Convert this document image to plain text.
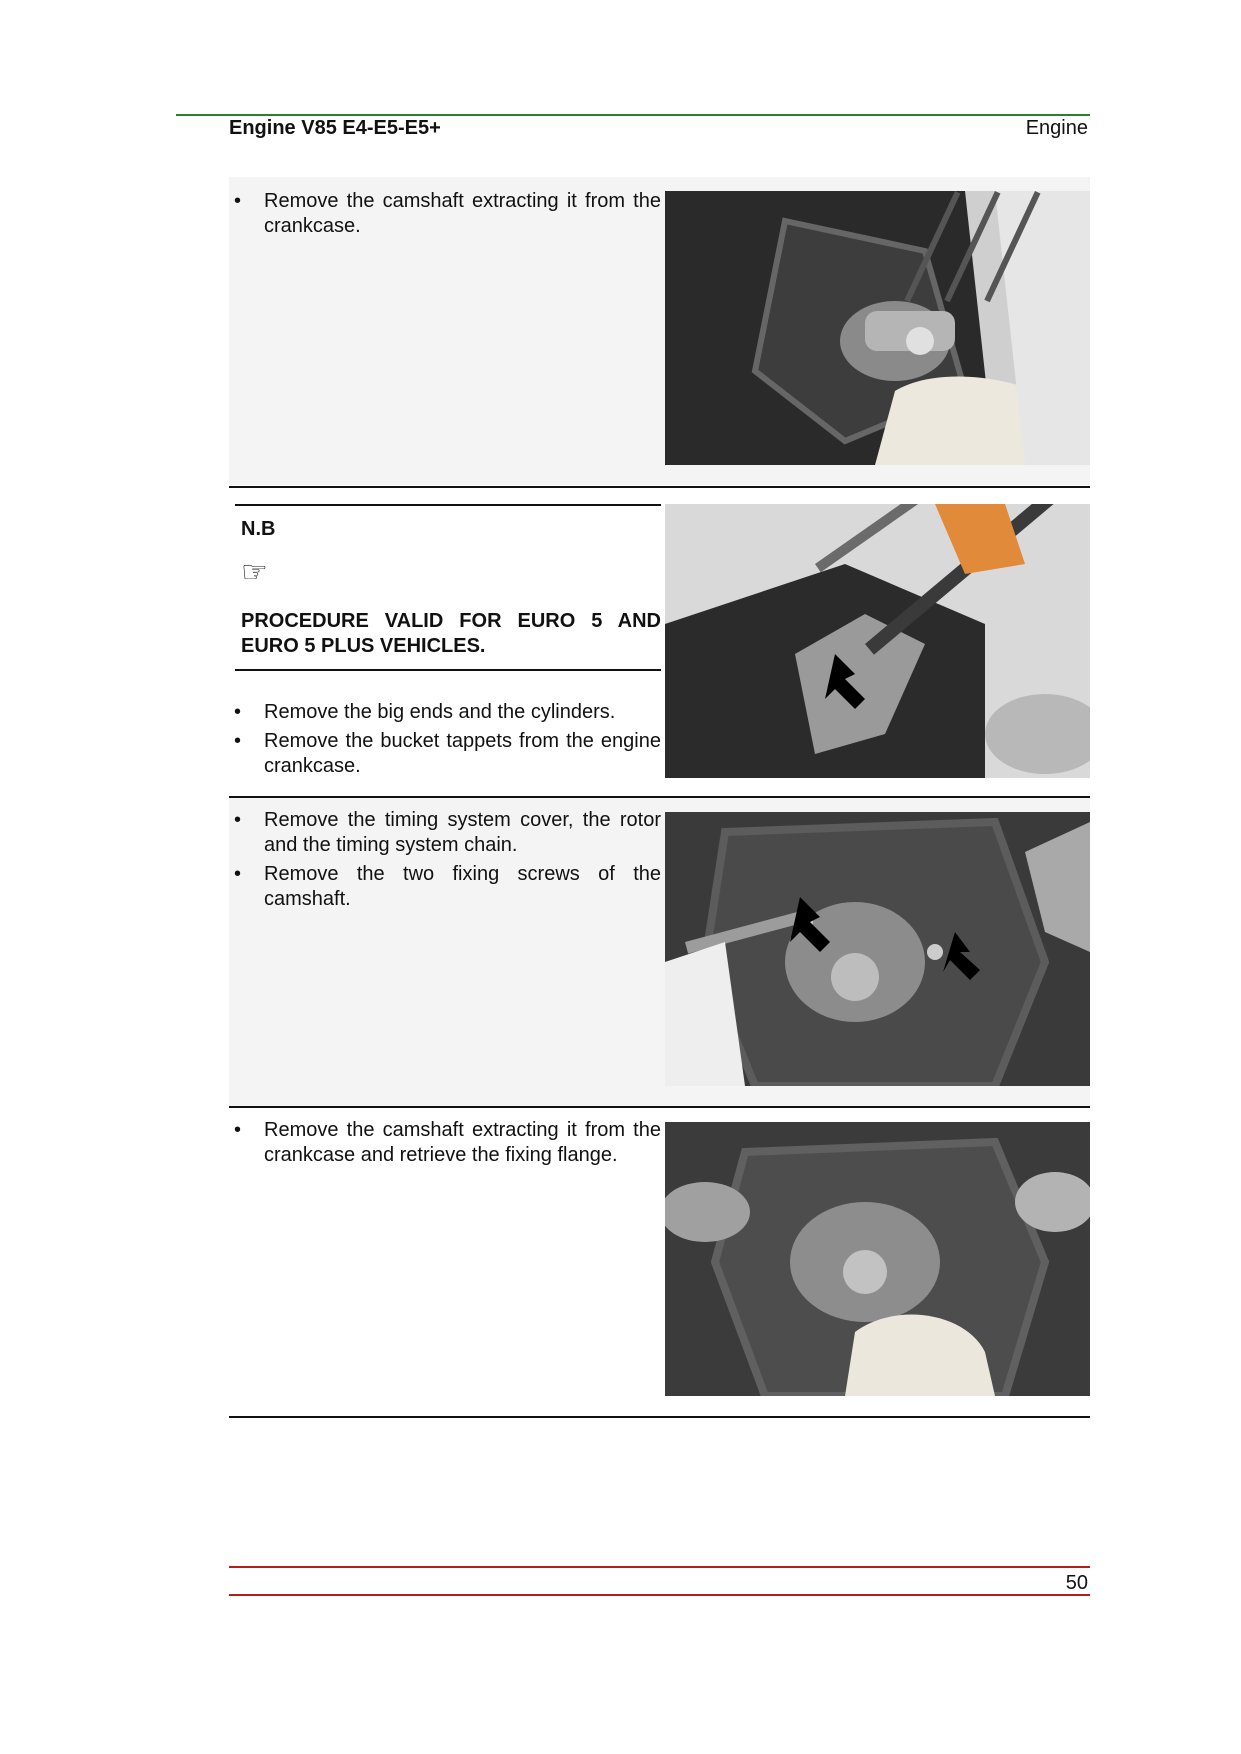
Engine V85 E4-E5-E5+	Engine
• Remove the camshaft extracting it from the crankcase.
N.B
☞
PROCEDURE VALID FOR EURO 5 AND EURO 5 PLUS VEHICLES.
• Remove the big ends and the cylinders.
• Remove the bucket tappets from the engine crankcase.
• Remove the timing system cover, the rotor and the timing system chain.
• Remove the two fixing screws of the camshaft.
• Remove the camshaft extracting it from the crankcase and retrieve the fixing flange.
50
